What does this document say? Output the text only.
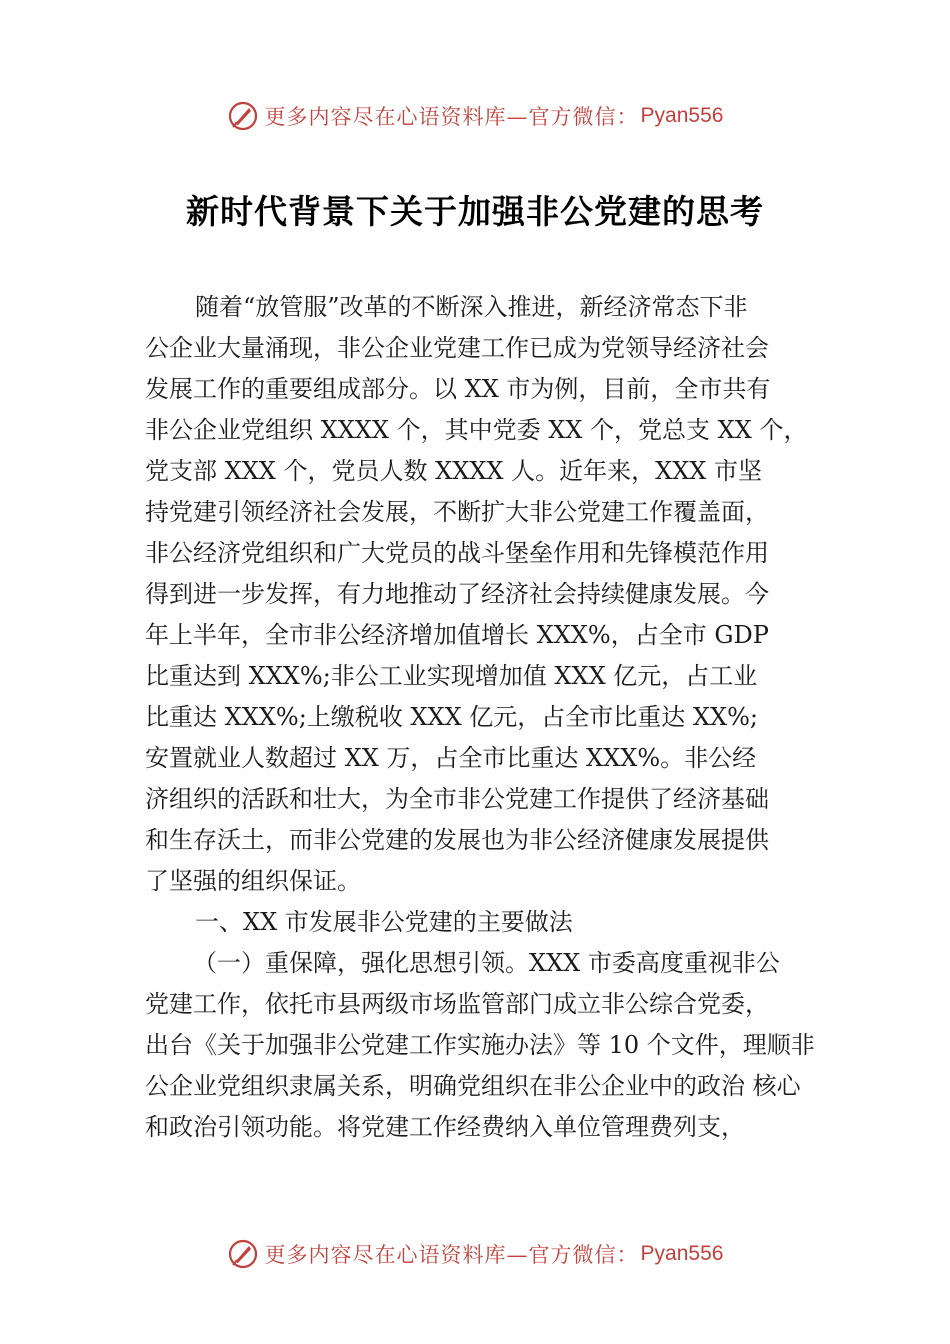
更多内容尽在心语资料库—官方微信： Pyan556
新时代背景下关于加强非公党建的思考
随着“放管服”改革的不断深入推进，新经济常态下非
公企业大量涌现，非公企业党建工作已成为党领导经济社会
发展工作的重要组成部分。以 XX 市为例，目前，全市共有
非公企业党组织 XXXX 个，其中党委 XX 个，党总支 XX 个，
党支部 XXX 个，党员人数 XXXX 人。近年来，XXX 市坚
持党建引领经济社会发展，不断扩大非公党建工作覆盖面，
非公经济党组织和广大党员的战斗堡垒作用和先锋模范作用
得到进一步发挥，有力地推动了经济社会持续健康发展。今
年上半年，全市非公经济增加值增长 XXX%，占全市 GDP
比重达到 XXX%;非公工业实现增加值 XXX 亿元，占工业
比重达 XXX%;上缴税收 XXX 亿元，占全市比重达 XX%;
安置就业人数超过 XX 万，占全市比重达 XXX%。非公经
济组织的活跃和壮大，为全市非公党建工作提供了经济基础
和生存沃土，而非公党建的发展也为非公经济健康发展提供
了坚强的组织保证。
一、XX 市发展非公党建的主要做法
（一）重保障，强化思想引领。XXX 市委高度重视非公
党建工作，依托市县两级市场监管部门成立非公综合党委，
出台《关于加强非公党建工作实施办法》等 10 个文件，理顺非
公企业党组织隶属关系，明确党组织在非公企业中的政治 核心
和政治引领功能。将党建工作经费纳入单位管理费列支，
更多内容尽在心语资料库—官方微信： Pyan556
